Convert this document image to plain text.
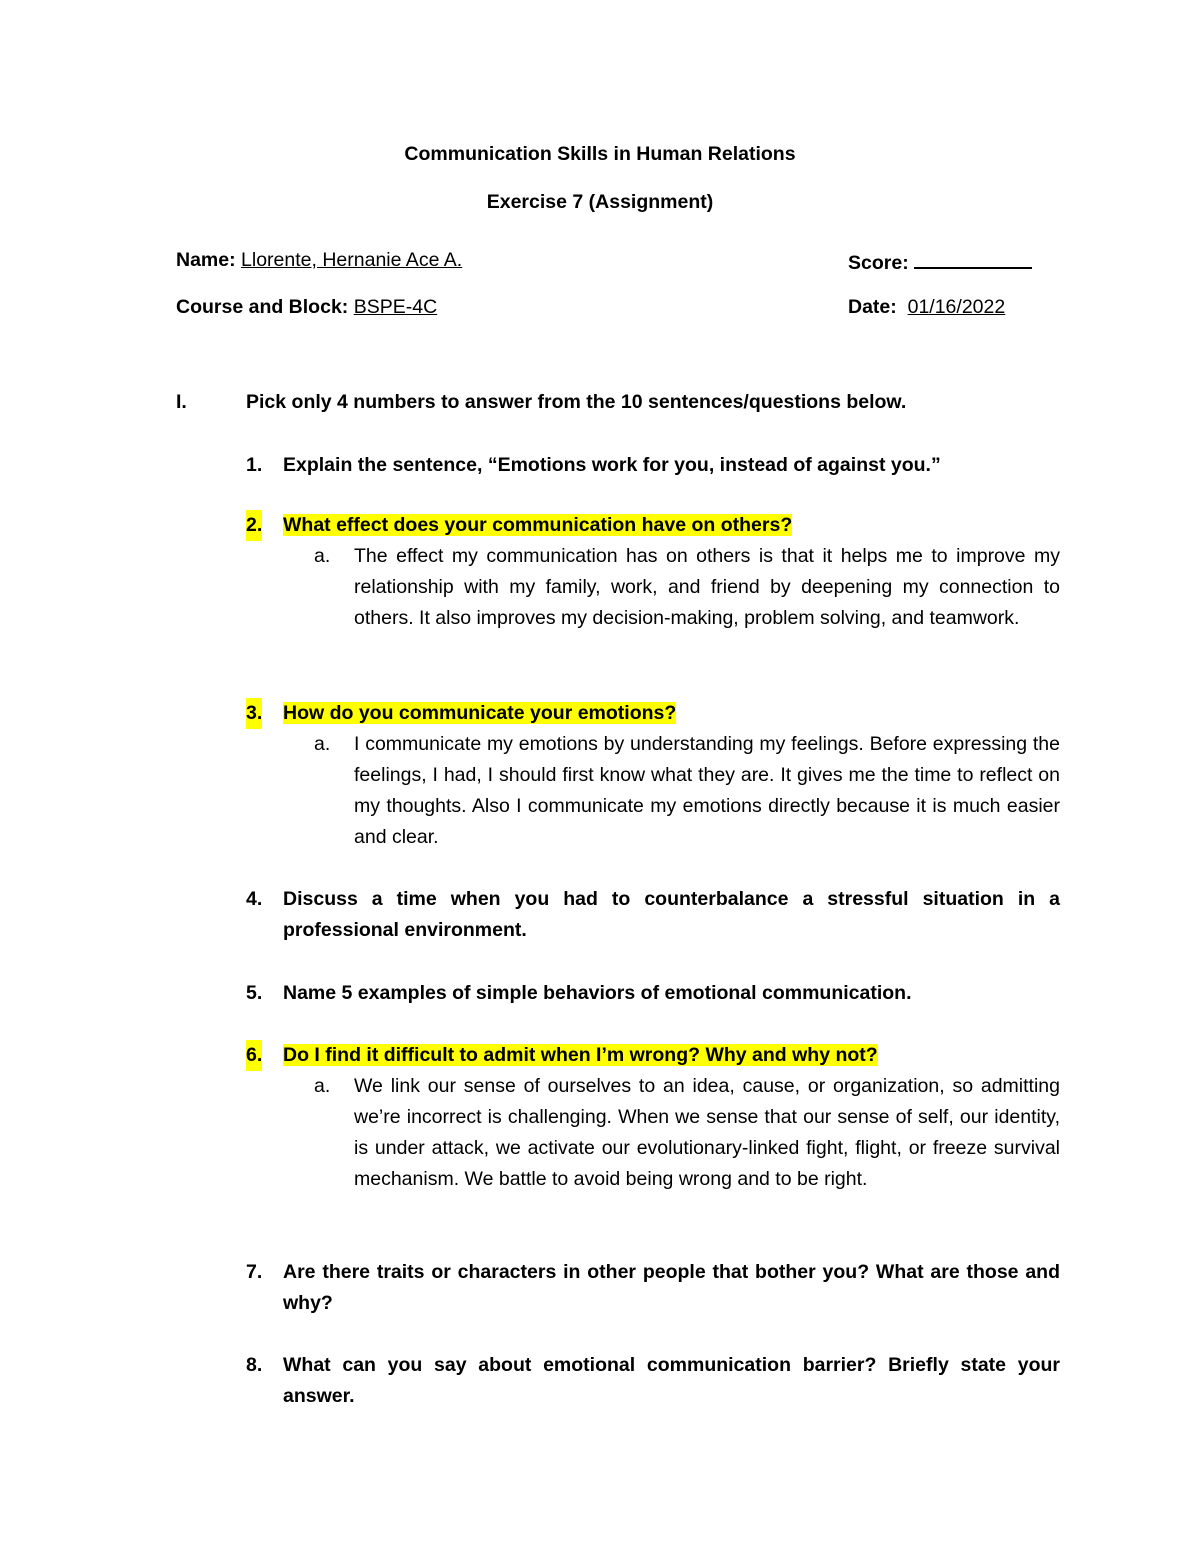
Communication Skills in Human Relations
Exercise 7 (Assignment)
Name: Llorente, Hernanie Ace A.	Score:
Course and Block: BSPE-4C	Date: 01/16/2022
I.	Pick only 4 numbers to answer from the 10 sentences/questions below.
1. Explain the sentence, “Emotions work for you, instead of against you.”
2. What effect does your communication have on others?
a. The effect my communication has on others is that it helps me to improve my relationship with my family, work, and friend by deepening my connection to others. It also improves my decision-making, problem solving, and teamwork.
3. How do you communicate your emotions?
a. I communicate my emotions by understanding my feelings. Before expressing the feelings, I had, I should first know what they are. It gives me the time to reflect on my thoughts. Also I communicate my emotions directly because it is much easier and clear.
4. Discuss a time when you had to counterbalance a stressful situation in a professional environment.
5. Name 5 examples of simple behaviors of emotional communication.
6. Do I find it difficult to admit when I’m wrong? Why and why not?
a. We link our sense of ourselves to an idea, cause, or organization, so admitting we’re incorrect is challenging. When we sense that our sense of self, our identity, is under attack, we activate our evolutionary-linked fight, flight, or freeze survival mechanism. We battle to avoid being wrong and to be right.
7. Are there traits or characters in other people that bother you? What are those and why?
8. What can you say about emotional communication barrier? Briefly state your answer.
